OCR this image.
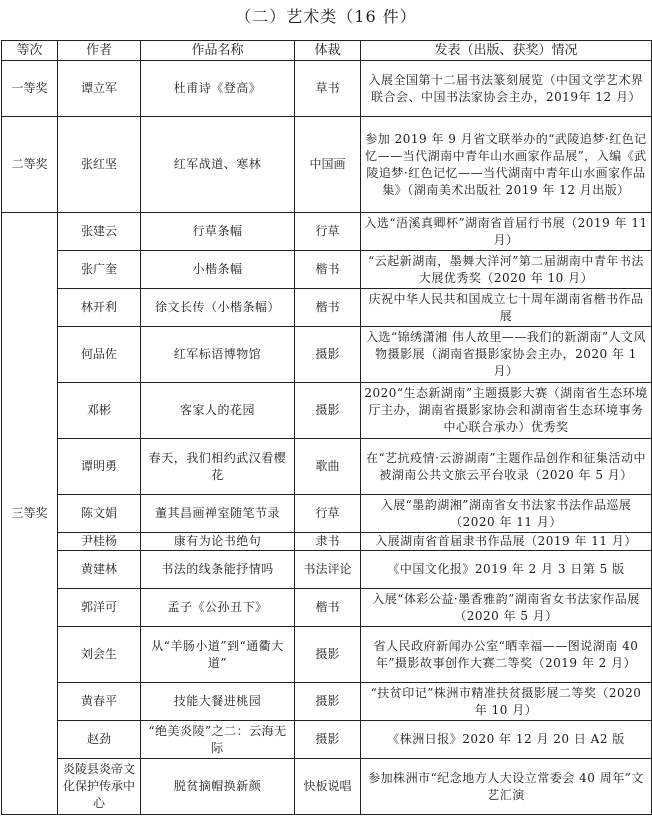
（二）艺术类（16 件）
等次	作者	作品名称	体裁	发表（出版、获奖）情况
一等奖	谭立军	杜甫诗《登高》	草书	入展全国第十二届书法篆刻展览（中国文学艺术界联合会、中国书法家协会主办，2019年 12 月）
二等奖	张红坚	红军战道、寒林	中国画	参加 2019 年 9 月省文联举办的“武陵追梦·红色记忆——当代湖南中青年山水画家作品展”，入编《武陵追梦·红色记忆——当代湖南中青年山水画家作品集》（湖南美术出版社 2019 年 12 月出版）
三等奖	张建云	行草条幅	行草	入选“浯溪真卿杯”湖南省首届行书展（2019 年 11 月）
	张广奎	小楷条幅	楷书	“云起新湖南，墨舞大洋河”第二届湖南中青年书法大展优秀奖（2020 年 10 月）
	林开利	徐文长传（小楷条幅）	楷书	庆祝中华人民共和国成立七十周年湖南省楷书作品展
	何品佐	红军标语博物馆	摄影	入选“锦绣潇湘 伟人故里——我们的新湖南”人文风物摄影展（湖南省摄影家协会主办，2020 年 1 月）
	邓彬	客家人的花园	摄影	2020“生态新湖南”主题摄影大赛（湖南省生态环境厅主办，湖南省摄影家协会和湖南省生态环境事务中心联合承办）优秀奖
	谭明勇	春天，我们相约武汉看樱花	歌曲	在“艺抗疫情·云游湖南”主题作品创作和征集活动中被湖南公共文旅云平台收录（2020 年 5 月）
	陈文娟	董其昌画禅室随笔节录	行草	入展“墨韵湖湘”湖南省女书法家书法作品巡展（2020 年 11 月）
	尹桂杨	康有为论书绝句	隶书	入展湖南省首届隶书作品展（2019 年 11 月）
	黄建林	书法的线条能抒情吗	书法评论	《中国文化报》2019 年 2 月 3 日第 5 版
	郭洋可	孟子《公孙丑下》	楷书	入展“体彩公益·墨香雅韵”湖南省女书法家作品展（2020 年 5 月）
	刘会生	从“羊肠小道”到“通衢大道”	摄影	省人民政府新闻办公室“晒幸福——图说湖南 40 年”摄影故事创作大赛二等奖（2019 年 2 月）
	黄春平	技能大餐进桃园	摄影	“扶贫印记”株洲市精准扶贫摄影展二等奖（2020 年 10 月）
	赵劲	“绝美炎陵”之二：云海无际	摄影	《株洲日报》2020 年 12 月 20 日 A2 版
	炎陵县炎帝文化保护传承中心	脱贫摘帽换新颜	快板说唱	参加株洲市“纪念地方人大设立常委会 40 周年”文艺汇演
